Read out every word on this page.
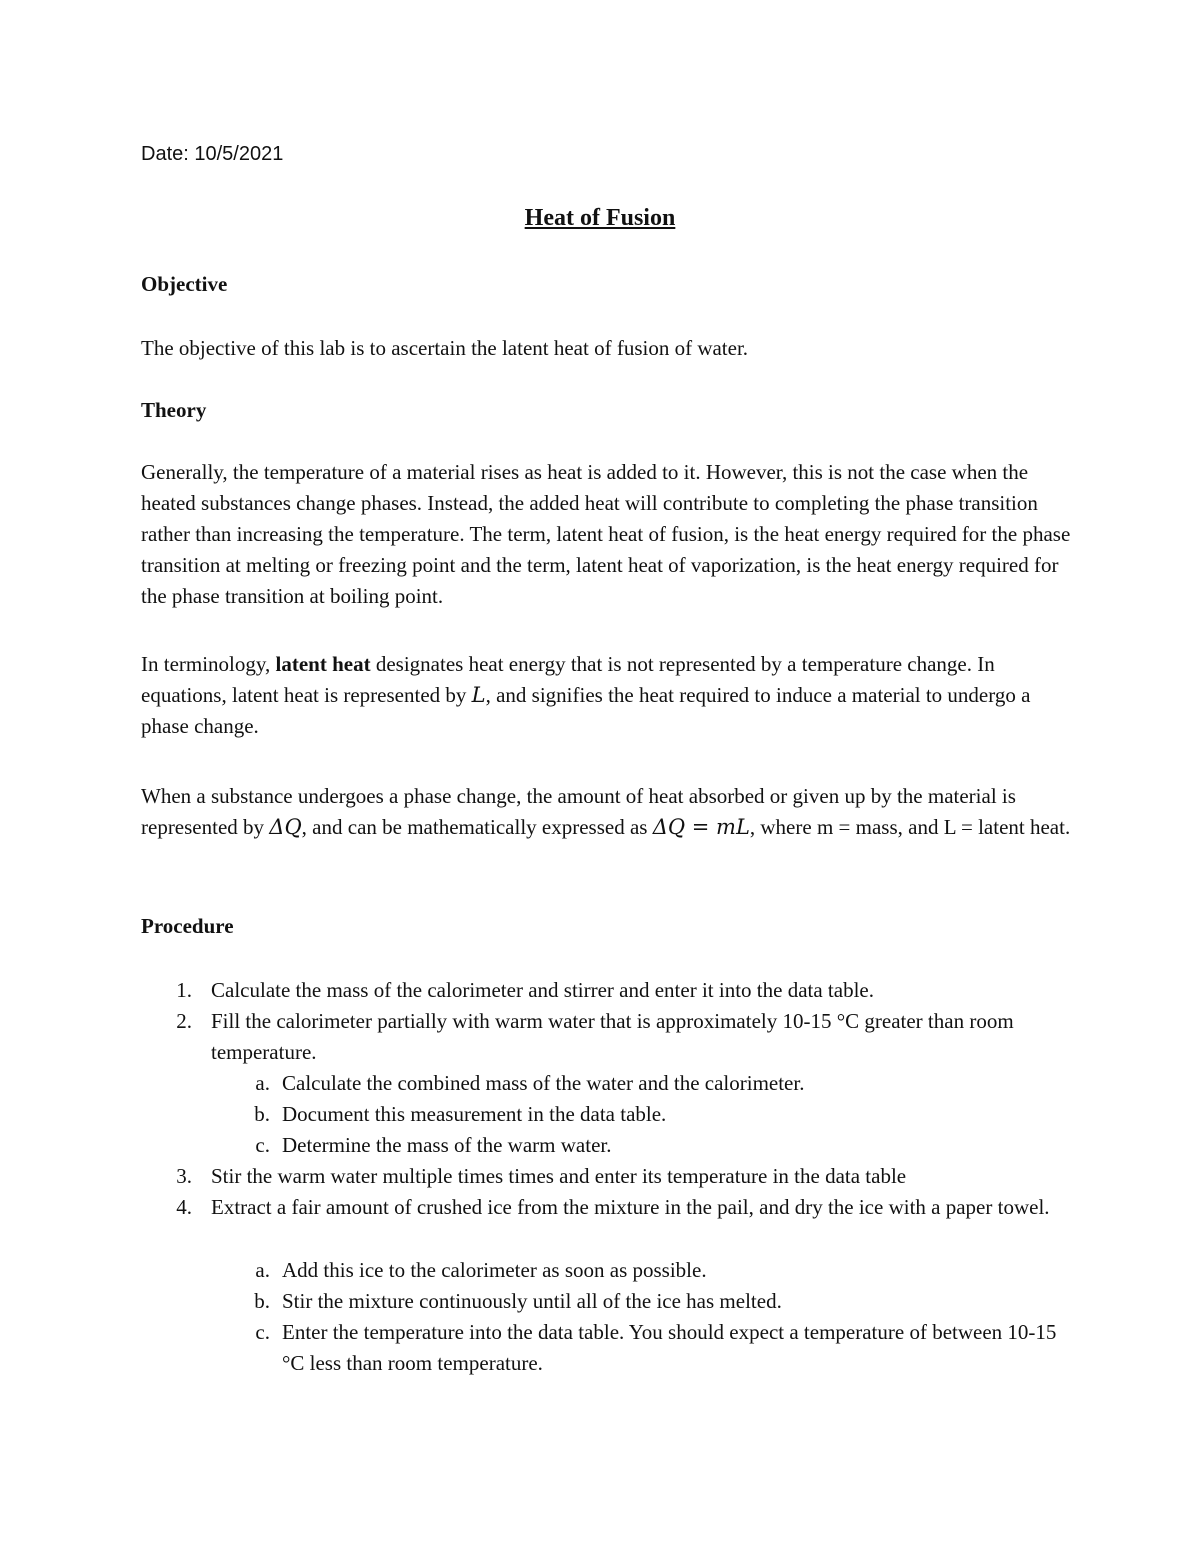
Date: 10/5/2021
Heat of Fusion
Objective
The objective of this lab is to ascertain the latent heat of fusion of water.
Theory
Generally, the temperature of a material rises as heat is added to it. However, this is not the case when the heated substances change phases. Instead, the added heat will contribute to completing the phase transition rather than increasing the temperature. The term, latent heat of fusion, is the heat energy required for the phase transition at melting or freezing point and the term, latent heat of vaporization, is the heat energy required for the phase transition at boiling point.
In terminology, latent heat designates heat energy that is not represented by a temperature change. In equations, latent heat is represented by L, and signifies the heat required to induce a material to undergo a phase change.
When a substance undergoes a phase change, the amount of heat absorbed or given up by the material is represented by ΔQ, and can be mathematically expressed as ΔQ = mL, where m = mass, and L = latent heat.
Procedure
1. Calculate the mass of the calorimeter and stirrer and enter it into the data table.
2. Fill the calorimeter partially with warm water that is approximately 10-15 °C greater than room temperature.
a. Calculate the combined mass of the water and the calorimeter.
b. Document this measurement in the data table.
c. Determine the mass of the warm water.
3. Stir the warm water multiple times times and enter its temperature in the data table
4. Extract a fair amount of crushed ice from the mixture in the pail, and dry the ice with a paper towel.
a. Add this ice to the calorimeter as soon as possible.
b. Stir the mixture continuously until all of the ice has melted.
c. Enter the temperature into the data table. You should expect a temperature of between 10-15 °C less than room temperature.
